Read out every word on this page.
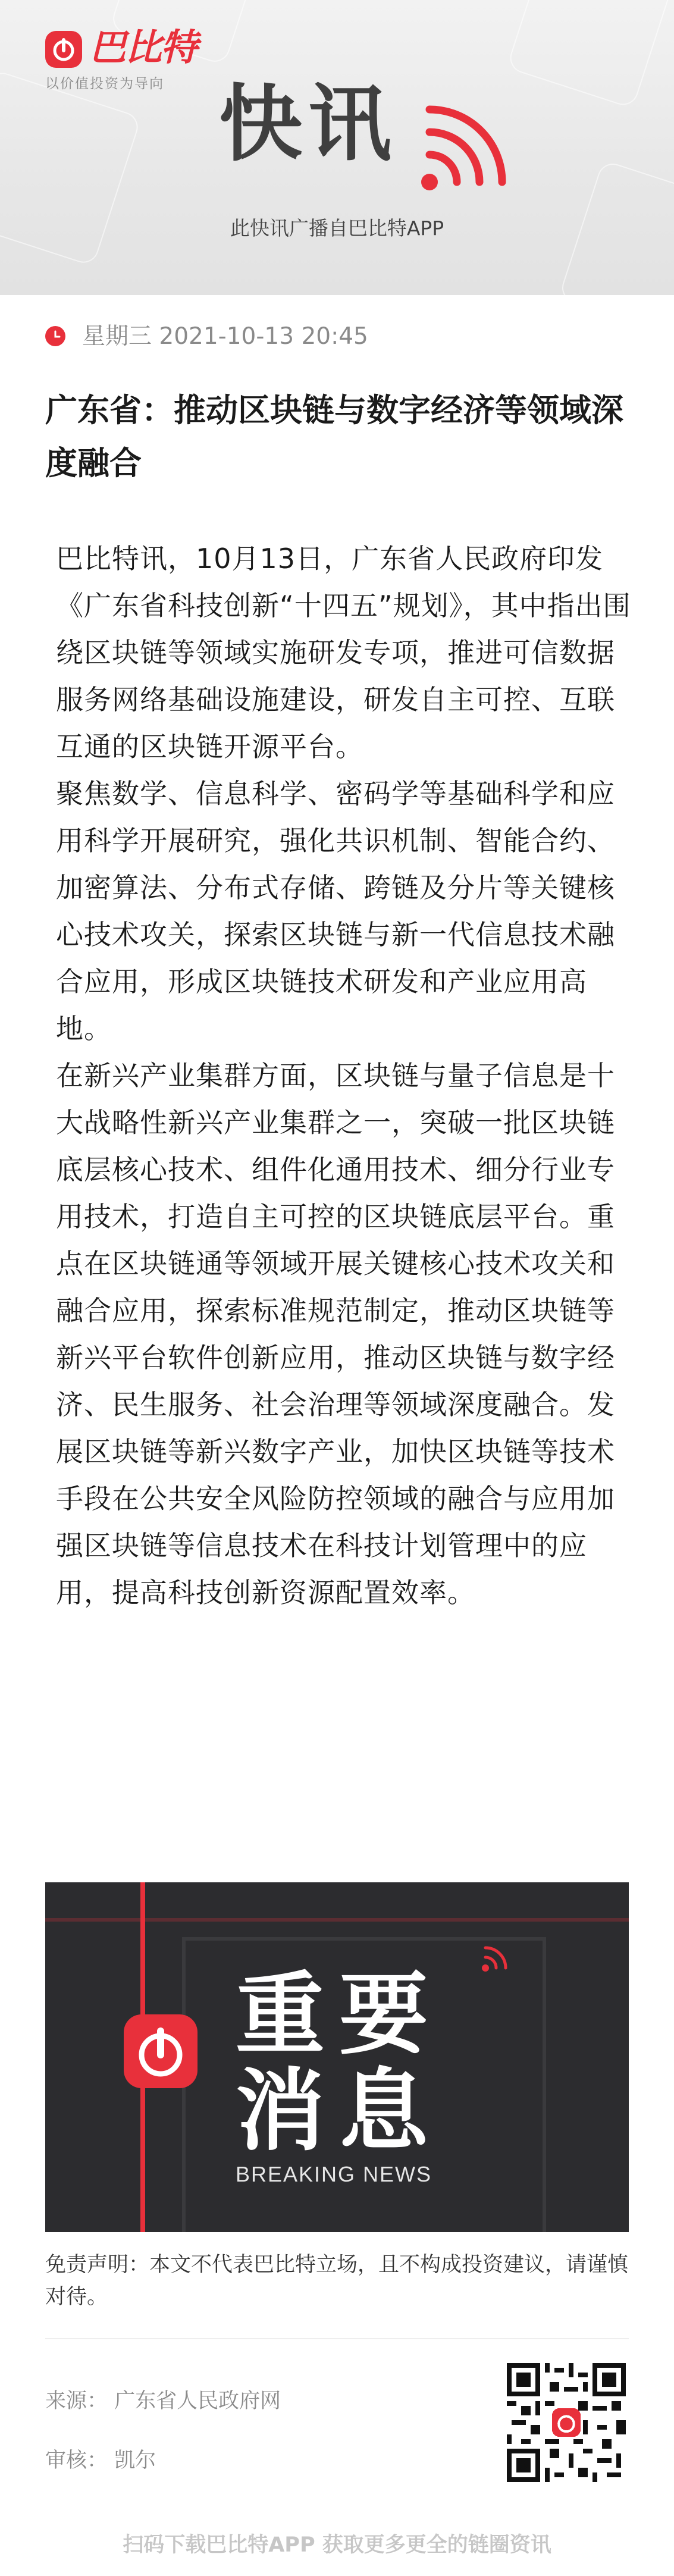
巴比特
以价值投资为导向 快讯
此快讯广播自巴比特APP
星期三 2021-10-13 20:45
广东省：推动区块链与数字经济等领域深度融合

巴比特讯，10月13日，广东省人民政府印发《广东省科技创新“十四五”规划》，其中指出围绕区块链等领域实施研发专项，推进可信数据服务网络基础设施建设，研发自主可控、互联互通的区块链开源平台。

聚焦数学、信息科学、密码学等基础科学和应用科学开展研究，强化共识机制、智能合约、加密算法、分布式存储、跨链及分片等关键核心技术攻关，探索区块链与新一代信息技术融合应用，形成区块链技术研发和产业应用高地。

在新兴产业集群方面，区块链与量子信息是十大战略性新兴产业集群之一，突破一批区块链底层核心技术、组件化通用技术、细分行业专用技术，打造自主可控的区块链底层平台。重点在区块链通等领域开展关键核心技术攻关和融合应用，探索标准规范制定，推动区块链等新兴平台软件创新应用，推动区块链与数字经济、民生服务、社会治理等领域深度融合。发展区块链等新兴数字产业，加快区块链等技术手段在公共安全风险防控领域的融合与应用加强区块链等信息技术在科技计划管理中的应用，提高科技创新资源配置效率。

重要
消息
BREAKING NEWS
免责声明：本文不代表巴比特立场，且不构成投资建议，请谨慎对待。
来源： 广东省人民政府网
审核： 凯尔
扫码下载巴比特APP 获取更多更全的链圈资讯
